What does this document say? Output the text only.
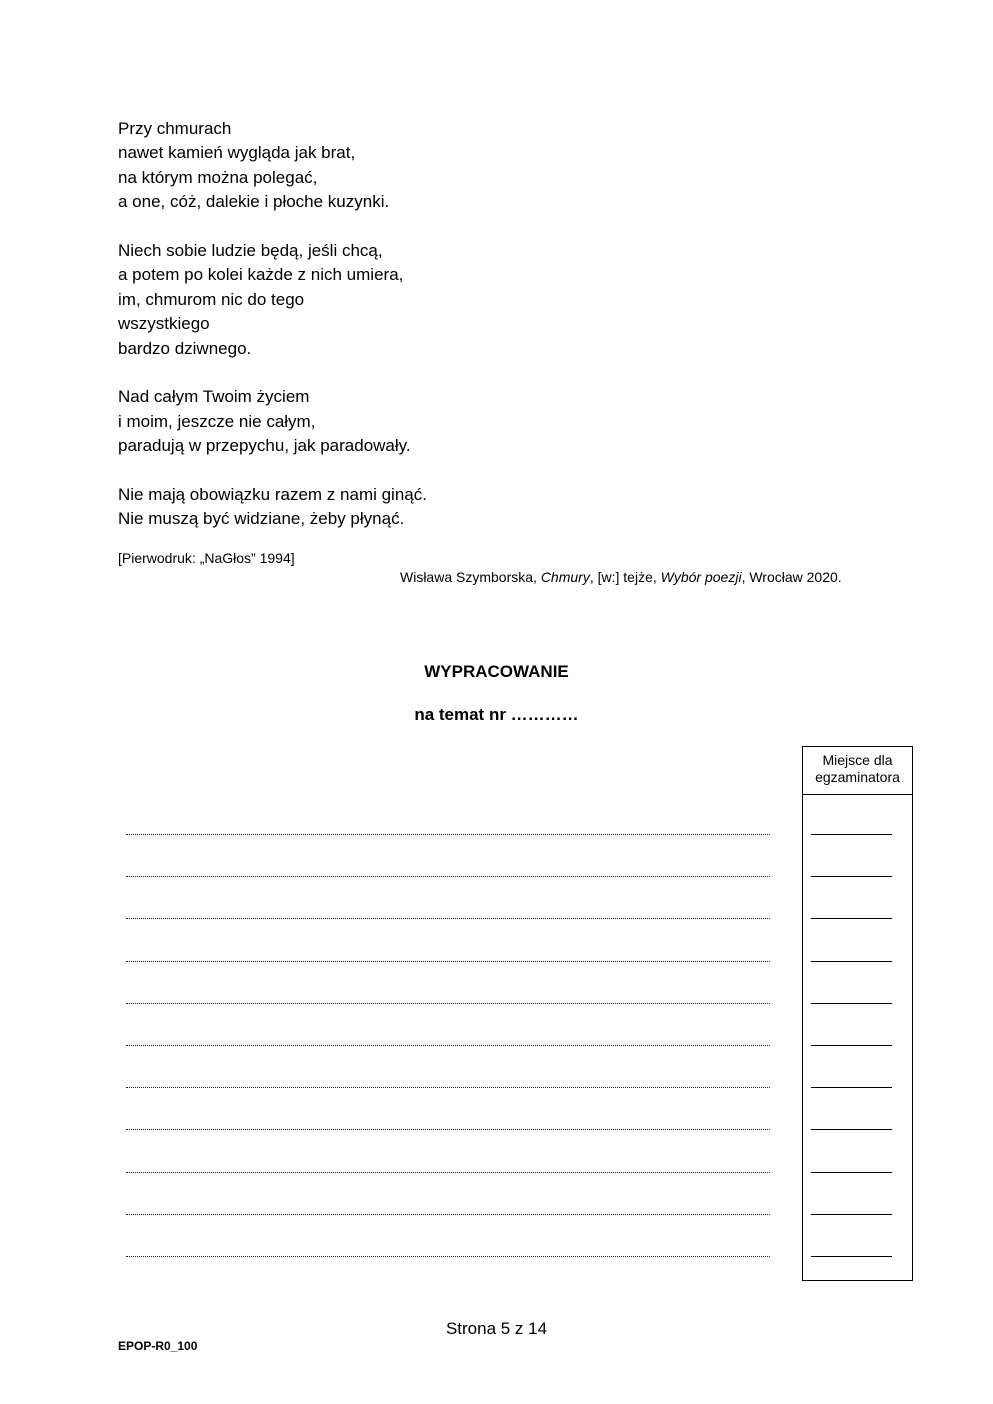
Przy chmurach
nawet kamień wygląda jak brat,
na którym można polegać,
a one, cóż, dalekie i płoche kuzynki.
Niech sobie ludzie będą, jeśli chcą,
a potem po kolei każde z nich umiera,
im, chmurom nic do tego
wszystkiego
bardzo dziwnego.
Nad całym Twoim życiem
i moim, jeszcze nie całym,
paradują w przepychu, jak paradowały.
Nie mają obowiązku razem z nami ginąć.
Nie muszą być widziane, żeby płynąć.
[Pierwodruk: „NaGłos” 1994]
Wisława Szymborska, Chmury, [w:] tejże, Wybór poezji, Wrocław 2020.
WYPRACOWANIE
na temat nr …………
Miejsce dla
egzaminatora
Strona 5 z 14
EPOP-R0_100
